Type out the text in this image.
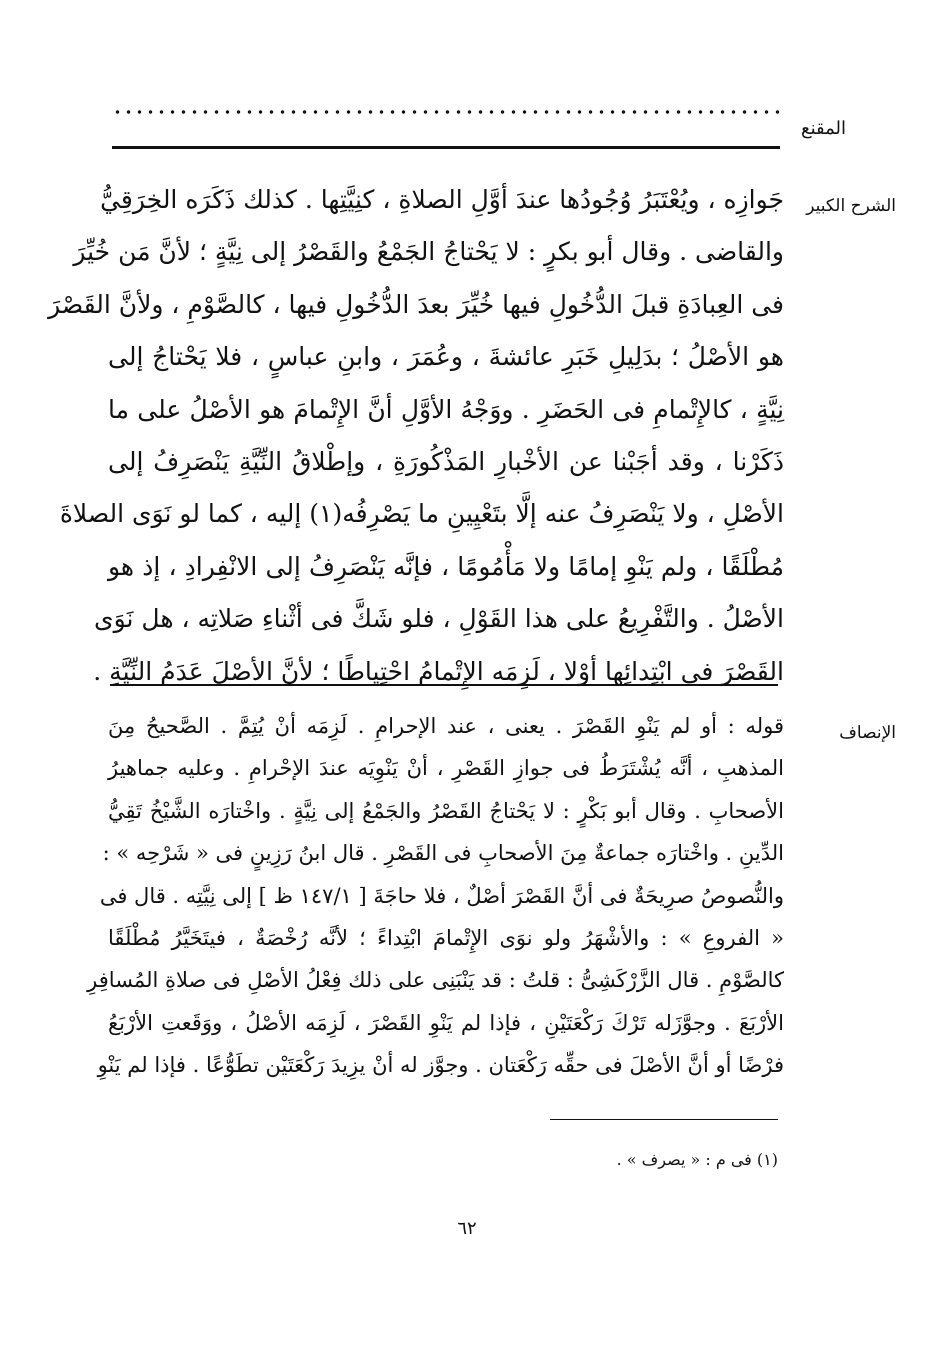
المقنع
الشرح الكبير
جَوازِه ، ويُعْتَبَرُ وُجُودُها عندَ أوَّلِ الصلاةِ ، كنِيَّتِها . كذلك ذَكَرَه الخِرَقِيُّ
والقاضى . وقال أبو بكرٍ : لا يَحْتاجُ الجَمْعُ والقَصْرُ إلى نِيَّةٍ ؛ لأنَّ مَن خُيِّرَ
فى العِبادَةِ قبلَ الدُّخُولِ فيها خُيِّرَ بعدَ الدُّخُولِ فيها ، كالصَّوْمِ ، ولأنَّ القَصْرَ
هو الأصْلُ ؛ بدَلِيلِ خَبَرِ عائشةَ ، وعُمَرَ ، وابنِ عباسٍ ، فلا يَحْتاجُ إلى
نِيَّةٍ ، كالإِتْمامِ فى الحَضَرِ . ووَجْهُ الأوَّلِ أنَّ الإِتْمامَ هو الأصْلُ على ما
ذَكَرْنا ، وقد أجَبْنا عن الأخْبارِ المَذْكُورَةِ ، وإطْلاقُ النِّيَّةِ يَنْصَرِفُ إلى
الأصْلِ ، ولا يَنْصَرِفُ عنه إلَّا بتَعْيِينِ ما يَصْرِفُه(١) إليه ، كما لو نَوَى الصلاةَ
مُطْلَقًا ، ولم يَنْوِ إمامًا ولا مَأْمُومًا ، فإنَّه يَنْصَرِفُ إلى الانْفِرادِ ، إذ هو
الأصْلُ . والتَّفْرِيعُ على هذا القَوْلِ ، فلو شَكَّ فى أثْناءِ صَلاتِه ، هل نَوَى
القَصْرَ فى ابْتِدائِها أوْلا ، لَزِمَه الإِتْمامُ احْتِياطًا ؛ لأنَّ الأصْلَ عَدَمُ النِّيَّةِ .
الإنصاف
قوله : أو لم يَنْوِ القَصْرَ . يعنى ، عند الإحرامِ . لَزِمَه أنْ يُتِمَّ . الصَّحيحُ مِنَ
المذهبِ ، أنَّه يُشْتَرَطُ فى جوازِ القَصْرِ ، أنْ يَنْوِيَه عندَ الإحْرامِ . وعليه جماهيرُ
الأصحابِ . وقال أبو بَكْرٍ : لا يَحْتاجُ القَصْرُ والجَمْعُ إلى نِيَّةٍ . واخْتارَه الشَّيْخُ تَقِيُّ
الدِّينِ . واخْتارَه جماعةٌ مِنَ الأصحابِ فى القَصْرِ . قال ابنُ رَزِينٍ فى « شَرْحِه » :
والنُّصوصُ صرِيحَةٌ فى أنَّ القَصْرَ أصْلٌ ، فلا حاجَةَ [ ١٤٧/١ ظ ] إلى نِيَّتِه . قال فى
« الفروعِ » : والأشْهَرُ ولو نوَى الإِتْمامَ ابْتِداءً ؛ لأنَّه رُخْصَةٌ ، فيتَخَيَّرُ مُطْلَقًا
كالصَّوْمِ . قال الزَّرْكَشِىُّ : قلتُ : قد يَنْبَنِى على ذلك فِعْلُ الأصْلِ فى صلاةِ المُسافِرِ
الأرْبَعَ . وجوَّزَله تَرْكَ رَكْعَتَيْنِ ، فإذا لم يَنْوِ القَصْرَ ، لَزِمَه الأصْلُ ، ووَقَعتِ الأرْبَعُ
فرْضًا أو أنَّ الأصْلَ فى حقِّه رَكْعَتان . وجوَّز له أنْ يزِيدَ رَكْعَتَيْن تطَوُّعًا . فإذا لم يَنْوِ
(١) فى م : « يصرف » .
٦٢
